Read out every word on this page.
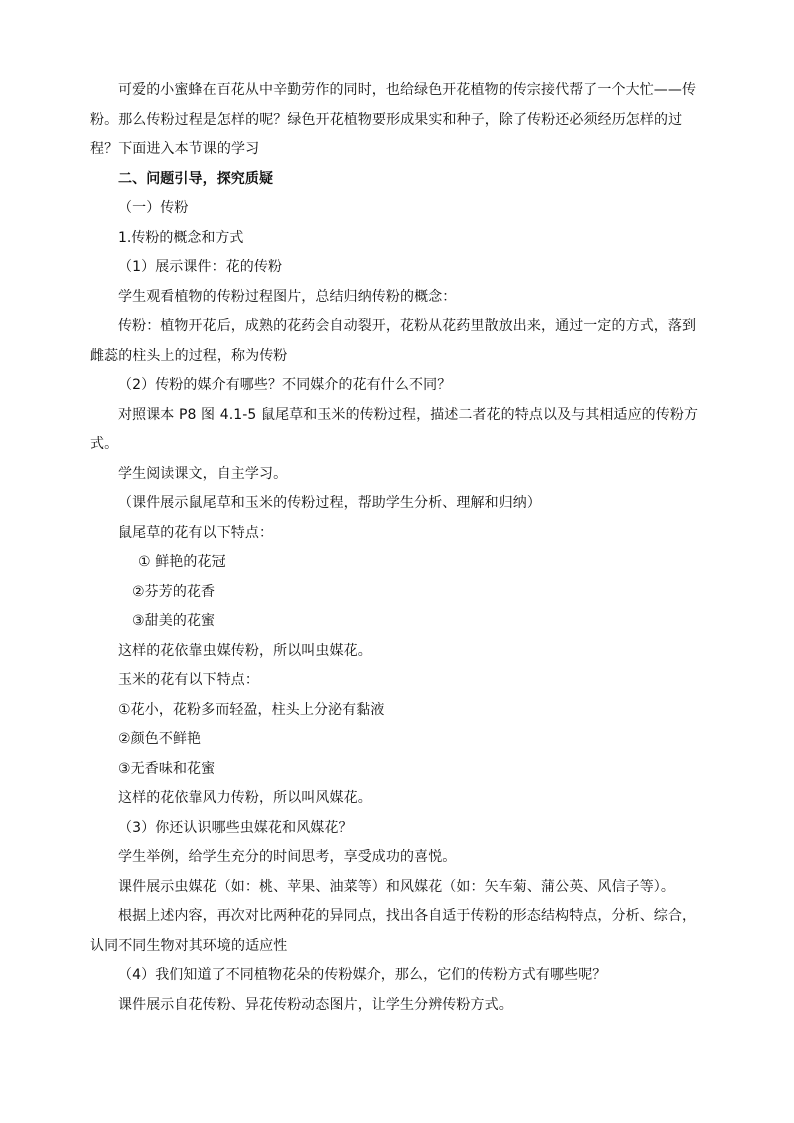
可爱的小蜜蜂在百花从中辛勤劳作的同时，也给绿色开花植物的传宗接代帮了一个大忙——传粉。那么传粉过程是怎样的呢？绿色开花植物要形成果实和种子，除了传粉还必须经历怎样的过程？下面进入本节课的学习

二、问题引导，探究质疑

（一）传粉

1.传粉的概念和方式

（1）展示课件：花的传粉

学生观看植物的传粉过程图片，总结归纳传粉的概念：

传粉：植物开花后，成熟的花药会自动裂开，花粉从花药里散放出来，通过一定的方式，落到雌蕊的柱头上的过程，称为传粉

（2）传粉的媒介有哪些？不同媒介的花有什么不同？

对照课本 P8 图 4.1-5 鼠尾草和玉米的传粉过程，描述二者花的特点以及与其相适应的传粉方式。

学生阅读课文，自主学习。

（课件展示鼠尾草和玉米的传粉过程，帮助学生分析、理解和归纳）

鼠尾草的花有以下特点：

① 鲜艳的花冠

②芬芳的花香

③甜美的花蜜

这样的花依靠虫媒传粉，所以叫虫媒花。

玉米的花有以下特点：

①花小，花粉多而轻盈，柱头上分泌有黏液

②颜色不鲜艳

③无香味和花蜜

这样的花依靠风力传粉，所以叫风媒花。

（3）你还认识哪些虫媒花和风媒花？

学生举例，给学生充分的时间思考，享受成功的喜悦。

课件展示虫媒花（如：桃、苹果、油菜等）和风媒花（如：矢车菊、蒲公英、风信子等）。

根据上述内容，再次对比两种花的异同点，找出各自适于传粉的形态结构特点，分析、综合，认同不同生物对其环境的适应性

（4）我们知道了不同植物花朵的传粉媒介，那么，它们的传粉方式有哪些呢？

课件展示自花传粉、异花传粉动态图片，让学生分辨传粉方式。
